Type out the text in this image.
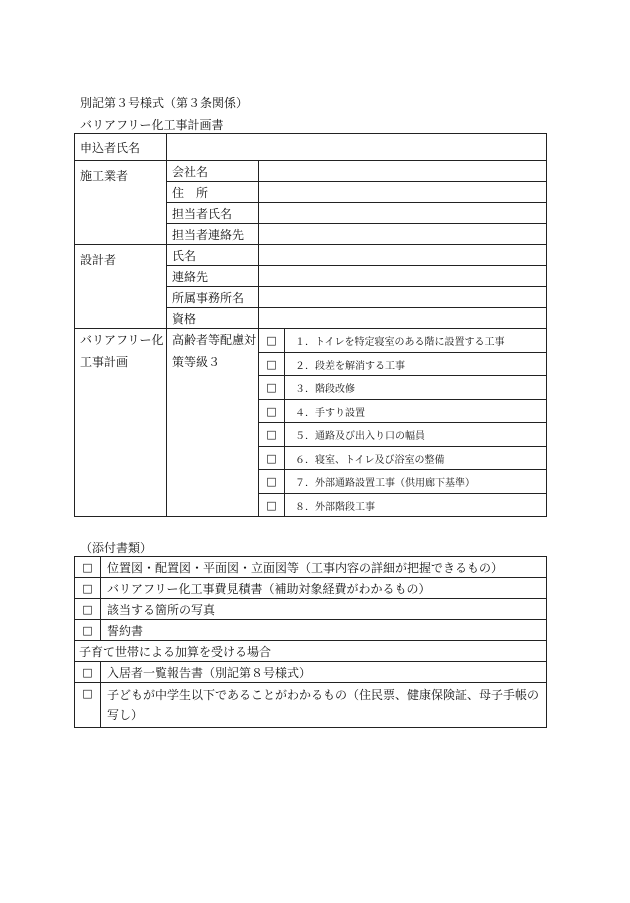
別記第３号様式（第３条関係）
バリアフリー化工事計画書
申込者氏名			
施工業者	会社名		
	住　所		
	担当者氏名		
	担当者連絡先		
設計者	氏名		
	連絡先		
	所属事務所名		
	資格		
バリアフリー化工事計画	高齢者等配慮対策等級３	□	１．トイレを特定寝室のある階に設置する工事
		□	２．段差を解消する工事
		□	３．階段改修
		□	４．手すり設置
		□	５．通路及び出入り口の幅員
		□	６．寝室、トイレ及び浴室の整備
		□	７．外部通路設置工事（供用廊下基準）
		□	８．外部階段工事
（添付書類）
□	位置図・配置図・平面図・立面図等（工事内容の詳細が把握できるもの）
□	バリアフリー化工事費見積書（補助対象経費がわかるもの）
□	該当する箇所の写真
□	誓約書
子育て世帯による加算を受ける場合	
□	入居者一覧報告書（別記第８号様式）
□	子どもが中学生以下であることがわかるもの（住民票、健康保険証、母子手帳の写し）
